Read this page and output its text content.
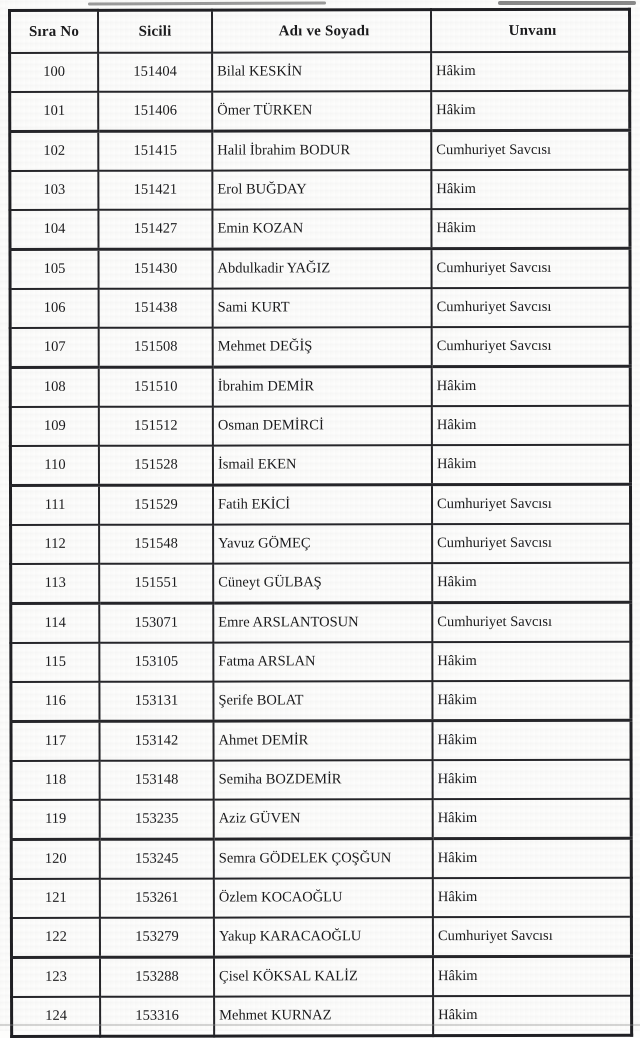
Sıra No	Sicili	Adı ve Soyadı	Unvanı
100	151404	Bilal KESKİN	Hâkim
101	151406	Ömer TÜRKEN	Hâkim
102	151415	Halil İbrahim BODUR	Cumhuriyet Savcısı
103	151421	Erol BUĞDAY	Hâkim
104	151427	Emin KOZAN	Hâkim
105	151430	Abdulkadir YAĞIZ	Cumhuriyet Savcısı
106	151438	Sami KURT	Cumhuriyet Savcısı
107	151508	Mehmet DEĞİŞ	Cumhuriyet Savcısı
108	151510	İbrahim DEMİR	Hâkim
109	151512	Osman DEMİRCİ	Hâkim
110	151528	İsmail EKEN	Hâkim
111	151529	Fatih EKİCİ	Cumhuriyet Savcısı
112	151548	Yavuz GÖMEÇ	Cumhuriyet Savcısı
113	151551	Cüneyt GÜLBAŞ	Hâkim
114	153071	Emre ARSLANTOSUN	Cumhuriyet Savcısı
115	153105	Fatma ARSLAN	Hâkim
116	153131	Şerife BOLAT	Hâkim
117	153142	Ahmet DEMİR	Hâkim
118	153148	Semiha BOZDEMİR	Hâkim
119	153235	Aziz GÜVEN	Hâkim
120	153245	Semra GÖDELEK ÇOŞĞUN	Hâkim
121	153261	Özlem KOCAOĞLU	Hâkim
122	153279	Yakup KARACAOĞLU	Cumhuriyet Savcısı
123	153288	Çisel KÖKSAL KALİZ	Hâkim
124	153316	Mehmet KURNAZ	Hâkim
